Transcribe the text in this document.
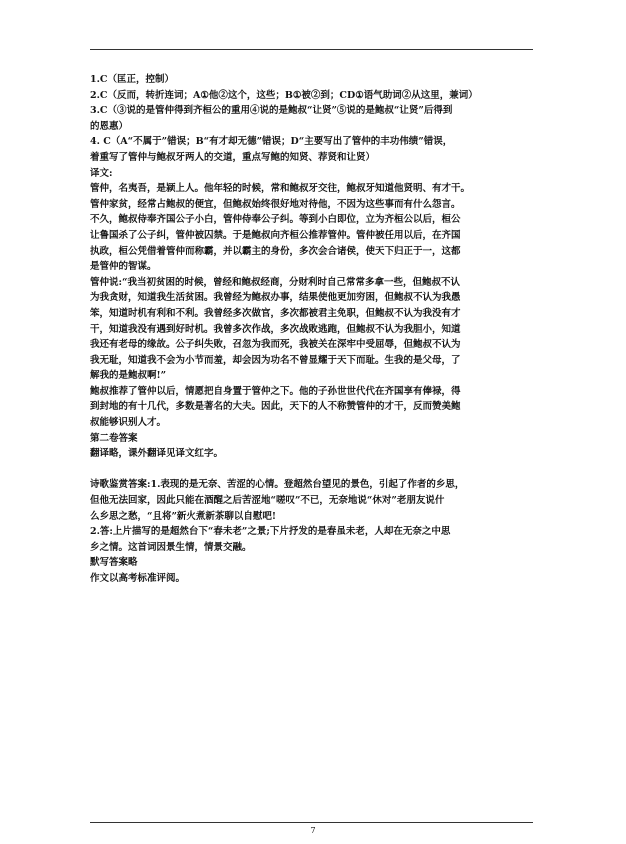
1.C（匡正，控制）
2.C（反而，转折连词；A①他②这个，这些；B①被②到；CD①语气助词②从这里，兼词）
3.C（③说的是管仲得到齐桓公的重用④说的是鲍叔“让贤”⑤说的是鲍叔“让贤”后得到
的恩惠）
4. C（A“不属于”错误；B“有才却无德”错误；D“主要写出了管仲的丰功伟绩”错误，
着重写了管仲与鲍叔牙两人的交道，重点写鲍的知贤、荐贤和让贤）
译文:
管仲，名夷吾，是颍上人。他年轻的时候，常和鲍叔牙交往，鲍叔牙知道他贤明、有才干。
管仲家贫，经常占鲍叔的便宜，但鲍叔始终很好地对待他，不因为这些事而有什么怨言。
不久，鲍叔侍奉齐国公子小白，管仲侍奉公子纠。等到小白即位，立为齐桓公以后，桓公
让鲁国杀了公子纠，管仲被囚禁。于是鲍叔向齐桓公推荐管仲。管仲被任用以后，在齐国
执政，桓公凭借着管仲而称霸，并以霸主的身份，多次会合诸侯，使天下归正于一，这都
是管仲的智谋。
管仲说:“我当初贫困的时候，曾经和鲍叔经商，分财利时自己常常多拿一些，但鲍叔不认
为我贪财，知道我生活贫困。我曾经为鲍叔办事，结果使他更加穷困，但鲍叔不认为我愚
笨，知道时机有利和不利。我曾经多次做官，多次都被君主免职，但鲍叔不认为我没有才
干，知道我没有遇到好时机。我曾多次作战，多次战败逃跑，但鲍叔不认为我胆小，知道
我还有老母的缘故。公子纠失败，召忽为我而死，我被关在深牢中受屈辱，但鲍叔不认为
我无耻，知道我不会为小节而羞，却会因为功名不曾显耀于天下而耻。生我的是父母，了
解我的是鲍叔啊!”
鲍叔推荐了管仲以后，情愿把自身置于管仲之下。他的子孙世世代代在齐国享有俸禄，得
到封地的有十几代，多数是著名的大夫。因此，天下的人不称赞管仲的才干，反而赞美鲍
叔能够识别人才。
第二卷答案
翻译略，课外翻译见译文红字。
诗歌鉴赏答案:1.表现的是无奈、苦涩的心情。登超然台望见的景色，引起了作者的乡思，
但他无法回家，因此只能在酒醒之后苦涩地“嗟叹”不已，无奈地说“休对”老朋友说什
么乡思之愁，“且将”新火煮新茶聊以自慰吧!
2.答:上片描写的是超然台下“春未老”之景;下片抒发的是春虽未老，人却在无奈之中思
乡之情。这首词因景生情，情景交融。
默写答案略
作文以高考标准评阅。
7
